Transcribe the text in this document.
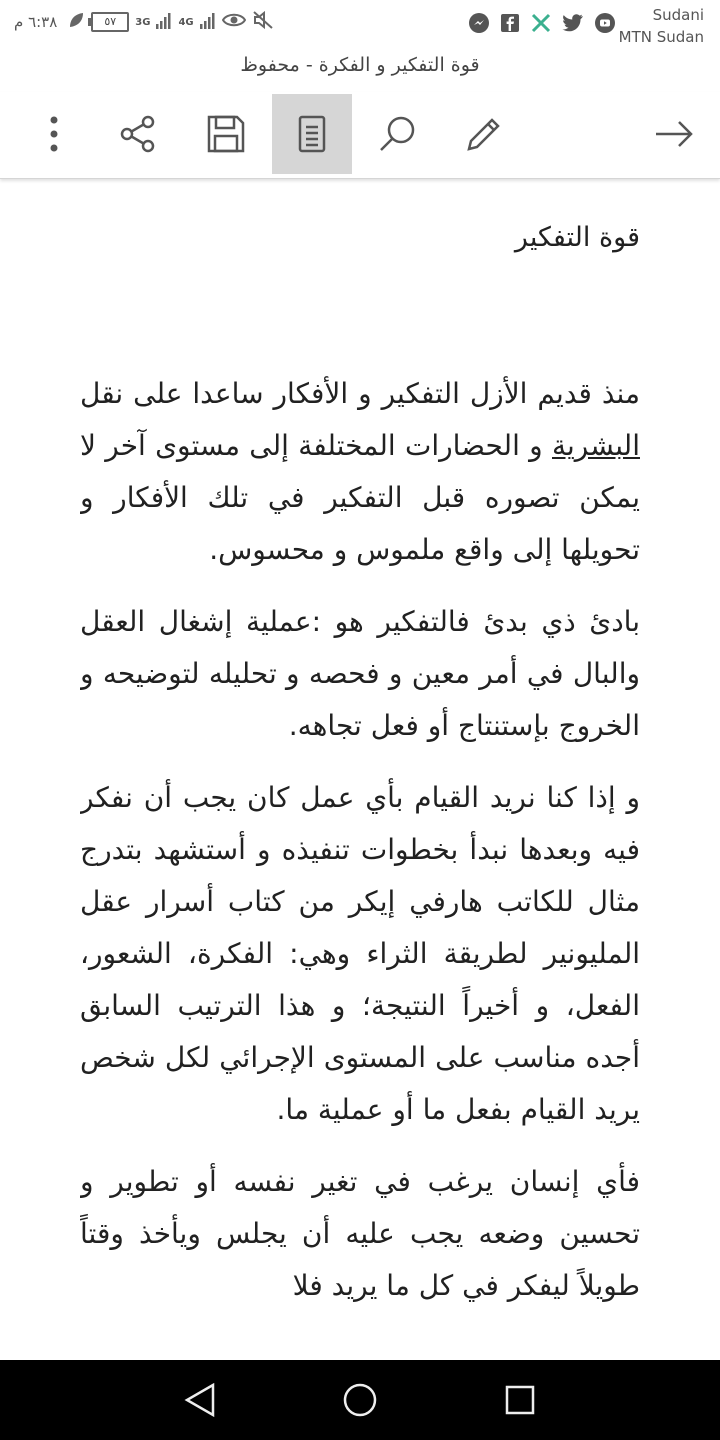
Sudani
MTN Sudan
٦:٣٨ م	٥٧	3G	4G
قوة التفكير و الفكرة - محفوظ
قوة التفكير

منذ قديم الأزل التفكير و الأفكار ساعدا على نقل البشرية و الحضارات المختلفة إلى مستوى آخر لا يمكن تصوره قبل التفكير في تلك الأفكار و تحويلها إلى واقع ملموس و محسوس.

بادئ ذي بدئ فالتفكير هو :عملية إشغال العقل والبال في أمر معين و فحصه و تحليله لتوضيحه و الخروج بإستنتاج أو فعل تجاهه.

و إذا كنا نريد القيام بأي عمل كان يجب أن نفكر فيه وبعدها نبدأ بخطوات تنفيذه و أستشهد بتدرج مثال للكاتب هارفي إيكر من كتاب أسرار عقل المليونير لطريقة الثراء وهي: الفكرة، الشعور، الفعل، و أخيراً النتيجة؛ و هذا الترتيب السابق أجده مناسب على المستوى الإجرائي لكل شخص يريد القيام بفعل ما أو عملية ما.

فأي إنسان يرغب في تغير نفسه أو تطوير و تحسين وضعه يجب عليه أن يجلس ويأخذ وقتاً طويلاً ليفكر في كل ما يريد فلا
